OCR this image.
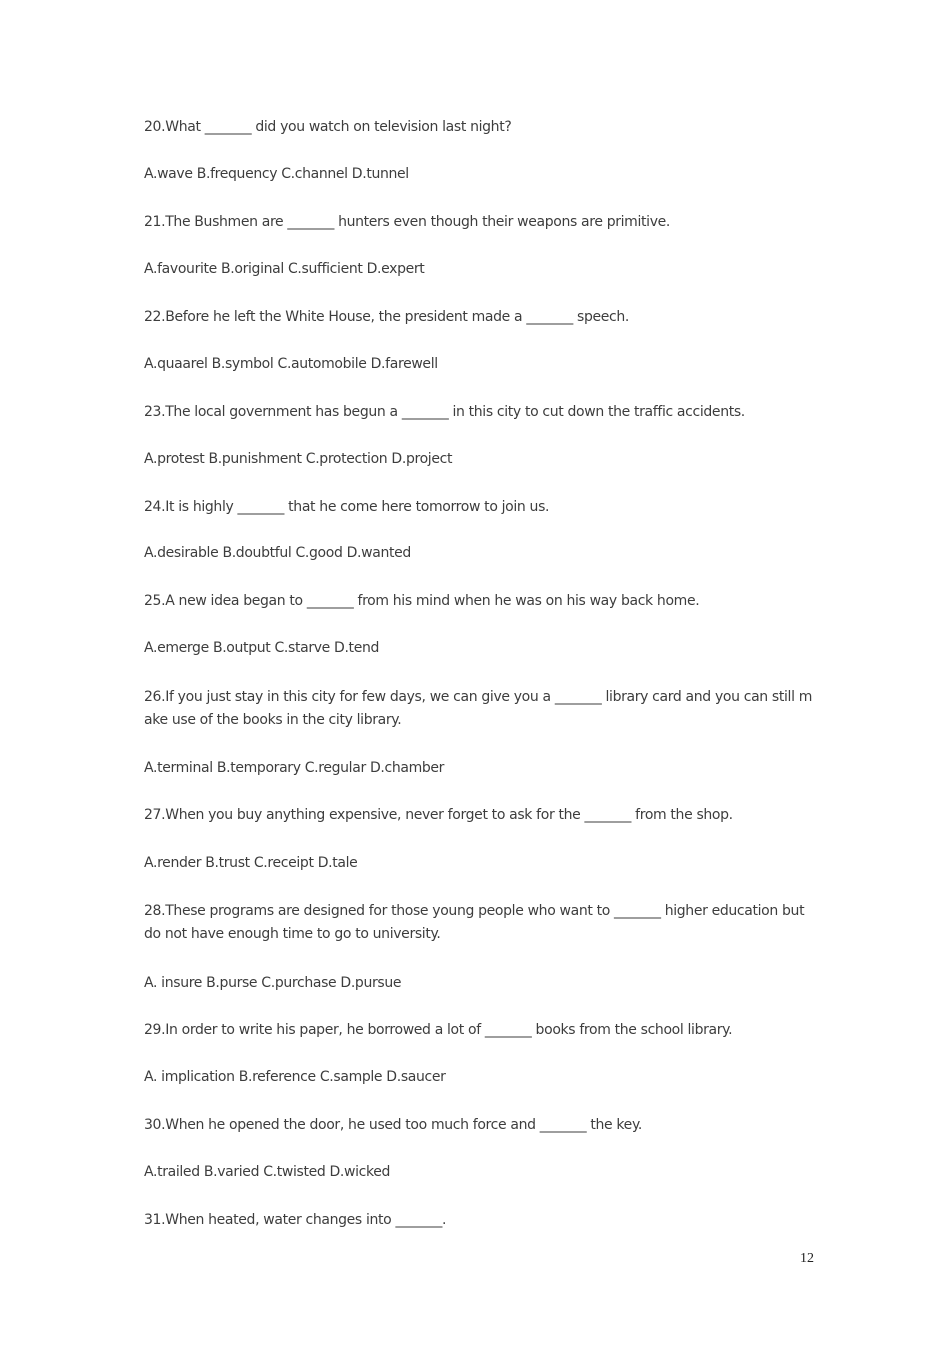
20.What _______ did you watch on television last night?
A.wave B.frequency C.channel D.tunnel
21.The Bushmen are _______ hunters even though their weapons are primitive.
A.favourite B.original C.sufficient D.expert
22.Before he left the White House, the president made a _______ speech.
A.quaarel B.symbol C.automobile D.farewell
23.The local government has begun a _______ in this city to cut down the traffic accidents.
A.protest B.punishment C.protection D.project
24.It is highly _______ that he come here tomorrow to join us.
A.desirable B.doubtful C.good D.wanted
25.A new idea began to _______ from his mind when he was on his way back home.
A.emerge B.output C.starve D.tend
26.If you just stay in this city for few days, we can give you a _______ library card and you can still m ake use of the books in the city library.
A.terminal B.temporary C.regular D.chamber
27.When you buy anything expensive, never forget to ask for the _______ from the shop.
A.render B.trust C.receipt D.tale
28.These programs are designed for those young people who want to _______ higher education but do not have enough time to go to university.
A. insure B.purse C.purchase D.pursue
29.In order to write his paper, he borrowed a lot of _______ books from the school library.
A. implication B.reference C.sample D.saucer
30.When he opened the door, he used too much force and _______ the key.
A.trailed B.varied C.twisted D.wicked
31.When heated, water changes into _______.
12
